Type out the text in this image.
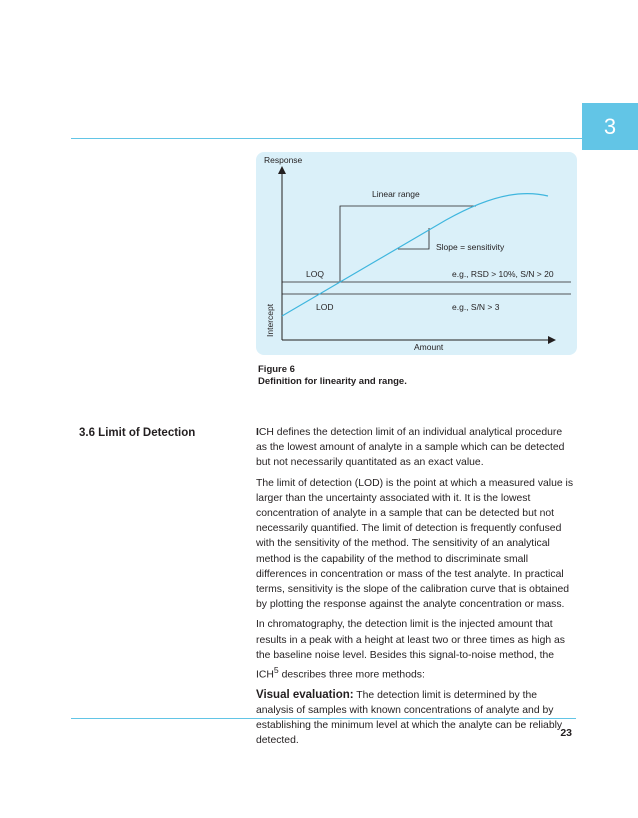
3
Response
Amount
Intercept
Linear range
Slope = sensitivity
LOQ	e.g., RSD > 10%, S/N > 20
LOD	e.g., S/N > 3
Figure 6
Definition for linearity and range.
3.6 Limit of Detection	ICH defines the detection limit of an individual analytical procedure as the lowest amount of analyte in a sample which can be detected but not necessarily quantitated as an exact value.

The limit of detection (LOD) is the point at which a measured value is larger than the uncertainty associated with it. It is the lowest concentration of analyte in a sample that can be detected but not necessarily quantified. The limit of detection is frequently confused with the sensitivity of the method. The sensitivity of an analytical method is the capability of the method to discriminate small differences in concentration or mass of the test analyte. In practical terms, sensitivity is the slope of the calibration curve that is obtained by plotting the response against the analyte concentration or mass.

In chromatography, the detection limit is the injected amount that results in a peak with a height at least two or three times as high as the baseline noise level. Besides this signal-to-noise method, the ICH$^5$ describes three more methods:

Visual evaluation: The detection limit is determined by the analysis of samples with known concentrations of analyte and by establishing the minimum level at which the analyte can be reliably detected.

23
